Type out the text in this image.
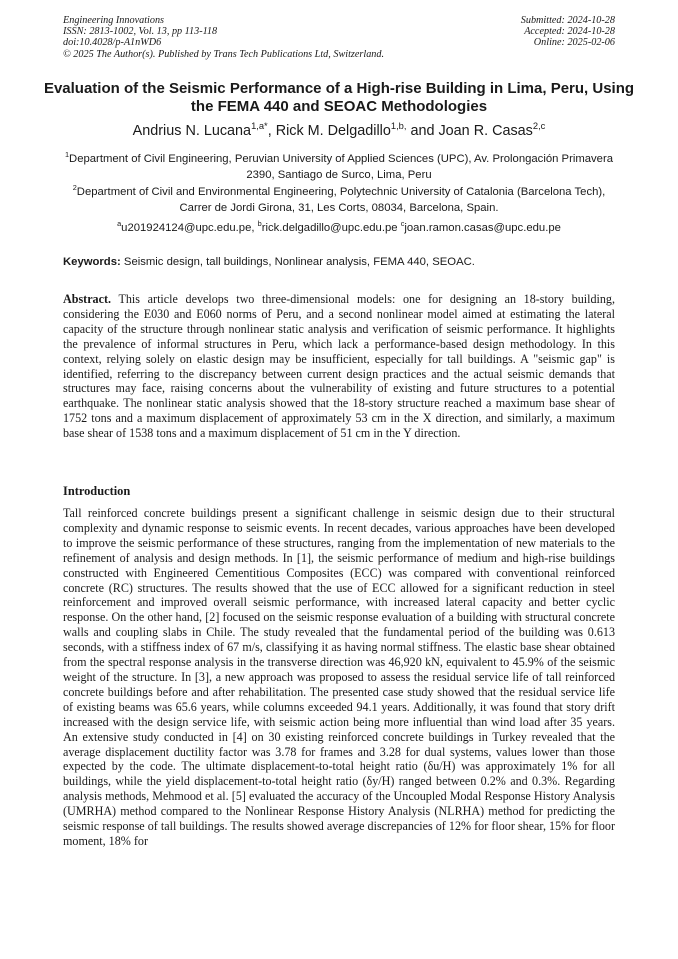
Engineering Innovations
ISSN: 2813-1002, Vol. 13, pp 113-118
doi:10.4028/p-A1nWD6
© 2025 The Author(s). Published by Trans Tech Publications Ltd, Switzerland.
Submitted: 2024-10-28
Accepted: 2024-10-28
Online: 2025-02-06
Evaluation of the Seismic Performance of a High-rise Building in Lima, Peru, Using the FEMA 440 and SEOAC Methodologies
Andrius N. Lucana$^{1,a*}$, Rick M. Delgadillo$^{1,b,}$ and Joan R. Casas$^{2,c}$
$^1$Department of Civil Engineering, Peruvian University of Applied Sciences (UPC), Av. Prolongación Primavera 2390, Santiago de Surco, Lima, Peru
$^2$Department of Civil and Environmental Engineering, Polytechnic University of Catalonia (Barcelona Tech), Carrer de Jordi Girona, 31, Les Corts, 08034, Barcelona, Spain.
$^a$u201924124@upc.edu.pe, $^b$rick.delgadillo@upc.edu.pe $^c$joan.ramon.casas@upc.edu.pe
Keywords: Seismic design, tall buildings, Nonlinear analysis, FEMA 440, SEOAC.

Abstract. This article develops two three-dimensional models: one for designing an 18-story building, considering the E030 and E060 norms of Peru, and a second nonlinear model aimed at estimating the lateral capacity of the structure through nonlinear static analysis and verification of seismic performance. It highlights the prevalence of informal structures in Peru, which lack a performance-based design methodology. In this context, relying solely on elastic design may be insufficient, especially for tall buildings. A "seismic gap" is identified, referring to the discrepancy between current design practices and the actual seismic demands that structures may face, raising concerns about the vulnerability of existing and future structures to a potential earthquake. The nonlinear static analysis showed that the 18-story structure reached a maximum base shear of 1752 tons and a maximum displacement of approximately 53 cm in the X direction, and similarly, a maximum base shear of 1538 tons and a maximum displacement of 51 cm in the Y direction.

Introduction

Tall reinforced concrete buildings present a significant challenge in seismic design due to their structural complexity and dynamic response to seismic events. In recent decades, various approaches have been developed to improve the seismic performance of these structures, ranging from the implementation of new materials to the refinement of analysis and design methods. In [1], the seismic performance of medium and high-rise buildings constructed with Engineered Cementitious Composites (ECC) was compared with conventional reinforced concrete (RC) structures. The results showed that the use of ECC allowed for a significant reduction in steel reinforcement and improved overall seismic performance, with increased lateral capacity and better cyclic response. On the other hand, [2] focused on the seismic response evaluation of a building with structural concrete walls and coupling slabs in Chile. The study revealed that the fundamental period of the building was 0.613 seconds, with a stiffness index of 67 m/s, classifying it as having normal stiffness. The elastic base shear obtained from the spectral response analysis in the transverse direction was 46,920 kN, equivalent to 45.9% of the seismic weight of the structure. In [3], a new approach was proposed to assess the residual service life of tall reinforced concrete buildings before and after rehabilitation. The presented case study showed that the residual service life of existing beams was 65.6 years, while columns exceeded 94.1 years. Additionally, it was found that story drift increased with the design service life, with seismic action being more influential than wind load after 35 years. An extensive study conducted in [4] on 30 existing reinforced concrete buildings in Turkey revealed that the average displacement ductility factor was 3.78 for frames and 3.28 for dual systems, values lower than those expected by the code. The ultimate displacement-to-total height ratio (δu/H) was approximately 1% for all buildings, while the yield displacement-to-total height ratio (δy/H) ranged between 0.2% and 0.3%. Regarding analysis methods, Mehmood et al. [5] evaluated the accuracy of the Uncoupled Modal Response History Analysis (UMRHA) method compared to the Nonlinear Response History Analysis (NLRHA) method for predicting the seismic response of tall buildings. The results showed average discrepancies of 12% for floor shear, 15% for floor moment, 18% for
